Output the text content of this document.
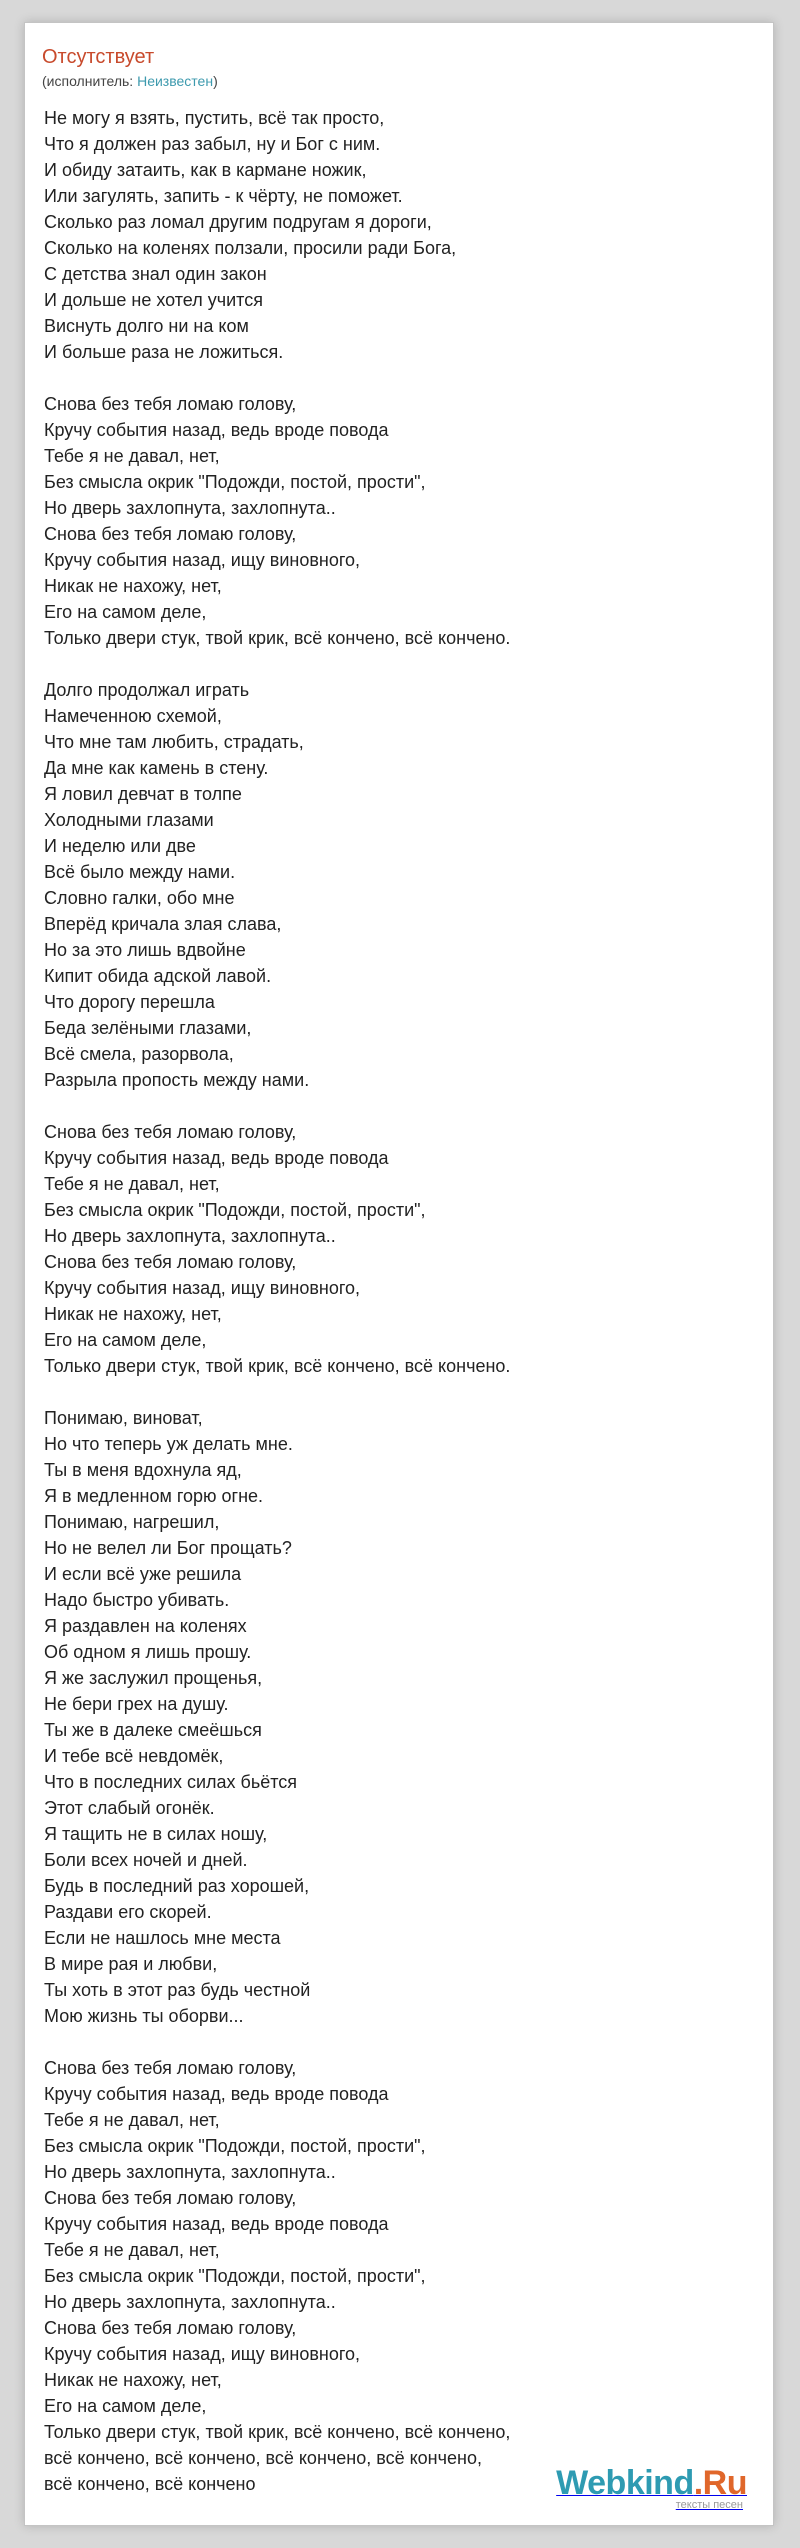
Отсутствует
(исполнитель: Неизвестен)
Не могу я взять, пустить, всё так просто,
Что я должен раз забыл, ну и Бог с ним.
И обиду затаить, как в кармане ножик,
Или загулять, запить - к чёрту, не поможет.
Сколько раз ломал другим подругам я дороги,
Сколько на коленях ползали, просили ради Бога,
С детства знал один закон
И дольше не хотел учится
Виснуть долго ни на ком
И больше раза не ложиться.

Снова без тебя ломаю голову,
Кручу события назад, ведь вроде повода
Тебе я не давал, нет,
Без смысла окрик "Подожди, постой, прости",
Но дверь захлопнута, захлопнута..
Снова без тебя ломаю голову,
Кручу события назад, ищу виновного,
Никак не нахожу, нет,
Его на самом деле,
Только двери стук, твой крик, всё кончено, всё кончено.

Долго продолжал играть
Намеченною схемой,
Что мне там любить, страдать,
Да мне как камень в стену.
Я ловил девчат в толпе
Холодными глазами
И неделю или две
Всё было между нами.
Словно галки, обо мне
Вперёд кричала злая слава,
Но за это лишь вдвойне
Кипит обида адской лавой.
Что дорогу перешла
Беда зелёными глазами,
Всё смела, разорвола,
Разрыла пропость между нами.

Снова без тебя ломаю голову,
Кручу события назад, ведь вроде повода
Тебе я не давал, нет,
Без смысла окрик "Подожди, постой, прости",
Но дверь захлопнута, захлопнута..
Снова без тебя ломаю голову,
Кручу события назад, ищу виновного,
Никак не нахожу, нет,
Его на самом деле,
Только двери стук, твой крик, всё кончено, всё кончено.

Понимаю, виноват,
Но что теперь уж делать мне.
Ты в меня вдохнула яд,
Я в медленном горю огне.
Понимаю, нагрешил,
Но не велел ли Бог прощать?
И если всё уже решила
Надо быстро убивать.
Я раздавлен на коленях
Об одном я лишь прошу.
Я же заслужил прощенья,
Не бери грех на душу.
Ты же в далеке смеёшься
И тебе всё невдомёк,
Что в последних силах бьётся
Этот слабый огонёк.
Я тащить не в силах ношу,
Боли всех ночей и дней.
Будь в последний раз хорошей,
Раздави его скорей.
Если не нашлось мне места
В мире рая и любви,
Ты хоть в этот раз будь честной
Мою жизнь ты оборви...

Снова без тебя ломаю голову,
Кручу события назад, ведь вроде повода
Тебе я не давал, нет,
Без смысла окрик "Подожди, постой, прости",
Но дверь захлопнута, захлопнута..
Снова без тебя ломаю голову,
Кручу события назад, ведь вроде повода
Тебе я не давал, нет,
Без смысла окрик "Подожди, постой, прости",
Но дверь захлопнута, захлопнута..
Снова без тебя ломаю голову,
Кручу события назад, ищу виновного,
Никак не нахожу, нет,
Его на самом деле,
Только двери стук, твой крик, всё кончено, всё кончено,
всё кончено, всё кончено, всё кончено, всё кончено,
всё кончено, всё кончено	Webkind.Ru
тексты песен
